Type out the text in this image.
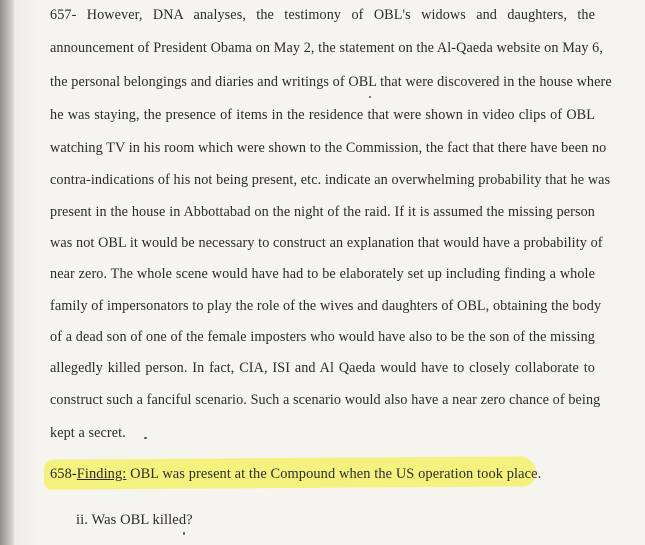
657- However, DNA analyses, the testimony of OBL's widows and daughters, the
announcement of President Obama on May 2, the statement on the Al-Qaeda website on May 6,
the personal belongings and diaries and writings of OBL that were discovered in the house where
he was staying, the presence of items in the residence that were shown in video clips of OBL
watching TV in his room which were shown to the Commission, the fact that there have been no
contra-indications of his not being present, etc. indicate an overwhelming probability that he was
present in the house in Abbottabad on the night of the raid. If it is assumed the missing person
was not OBL it would be necessary to construct an explanation that would have a probability of
near zero. The whole scene would have had to be elaborately set up including finding a whole
family of impersonators to play the role of the wives and daughters of OBL, obtaining the body
of a dead son of one of the female imposters who would have also to be the son of the missing
allegedly killed person. In fact, CIA, ISI and Al Qaeda would have to closely collaborate to
construct such a fanciful scenario. Such a scenario would also have a near zero chance of being
kept a secret.
658-Finding: OBL was present at the Compound when the US operation took place.
ii. Was OBL killed?
